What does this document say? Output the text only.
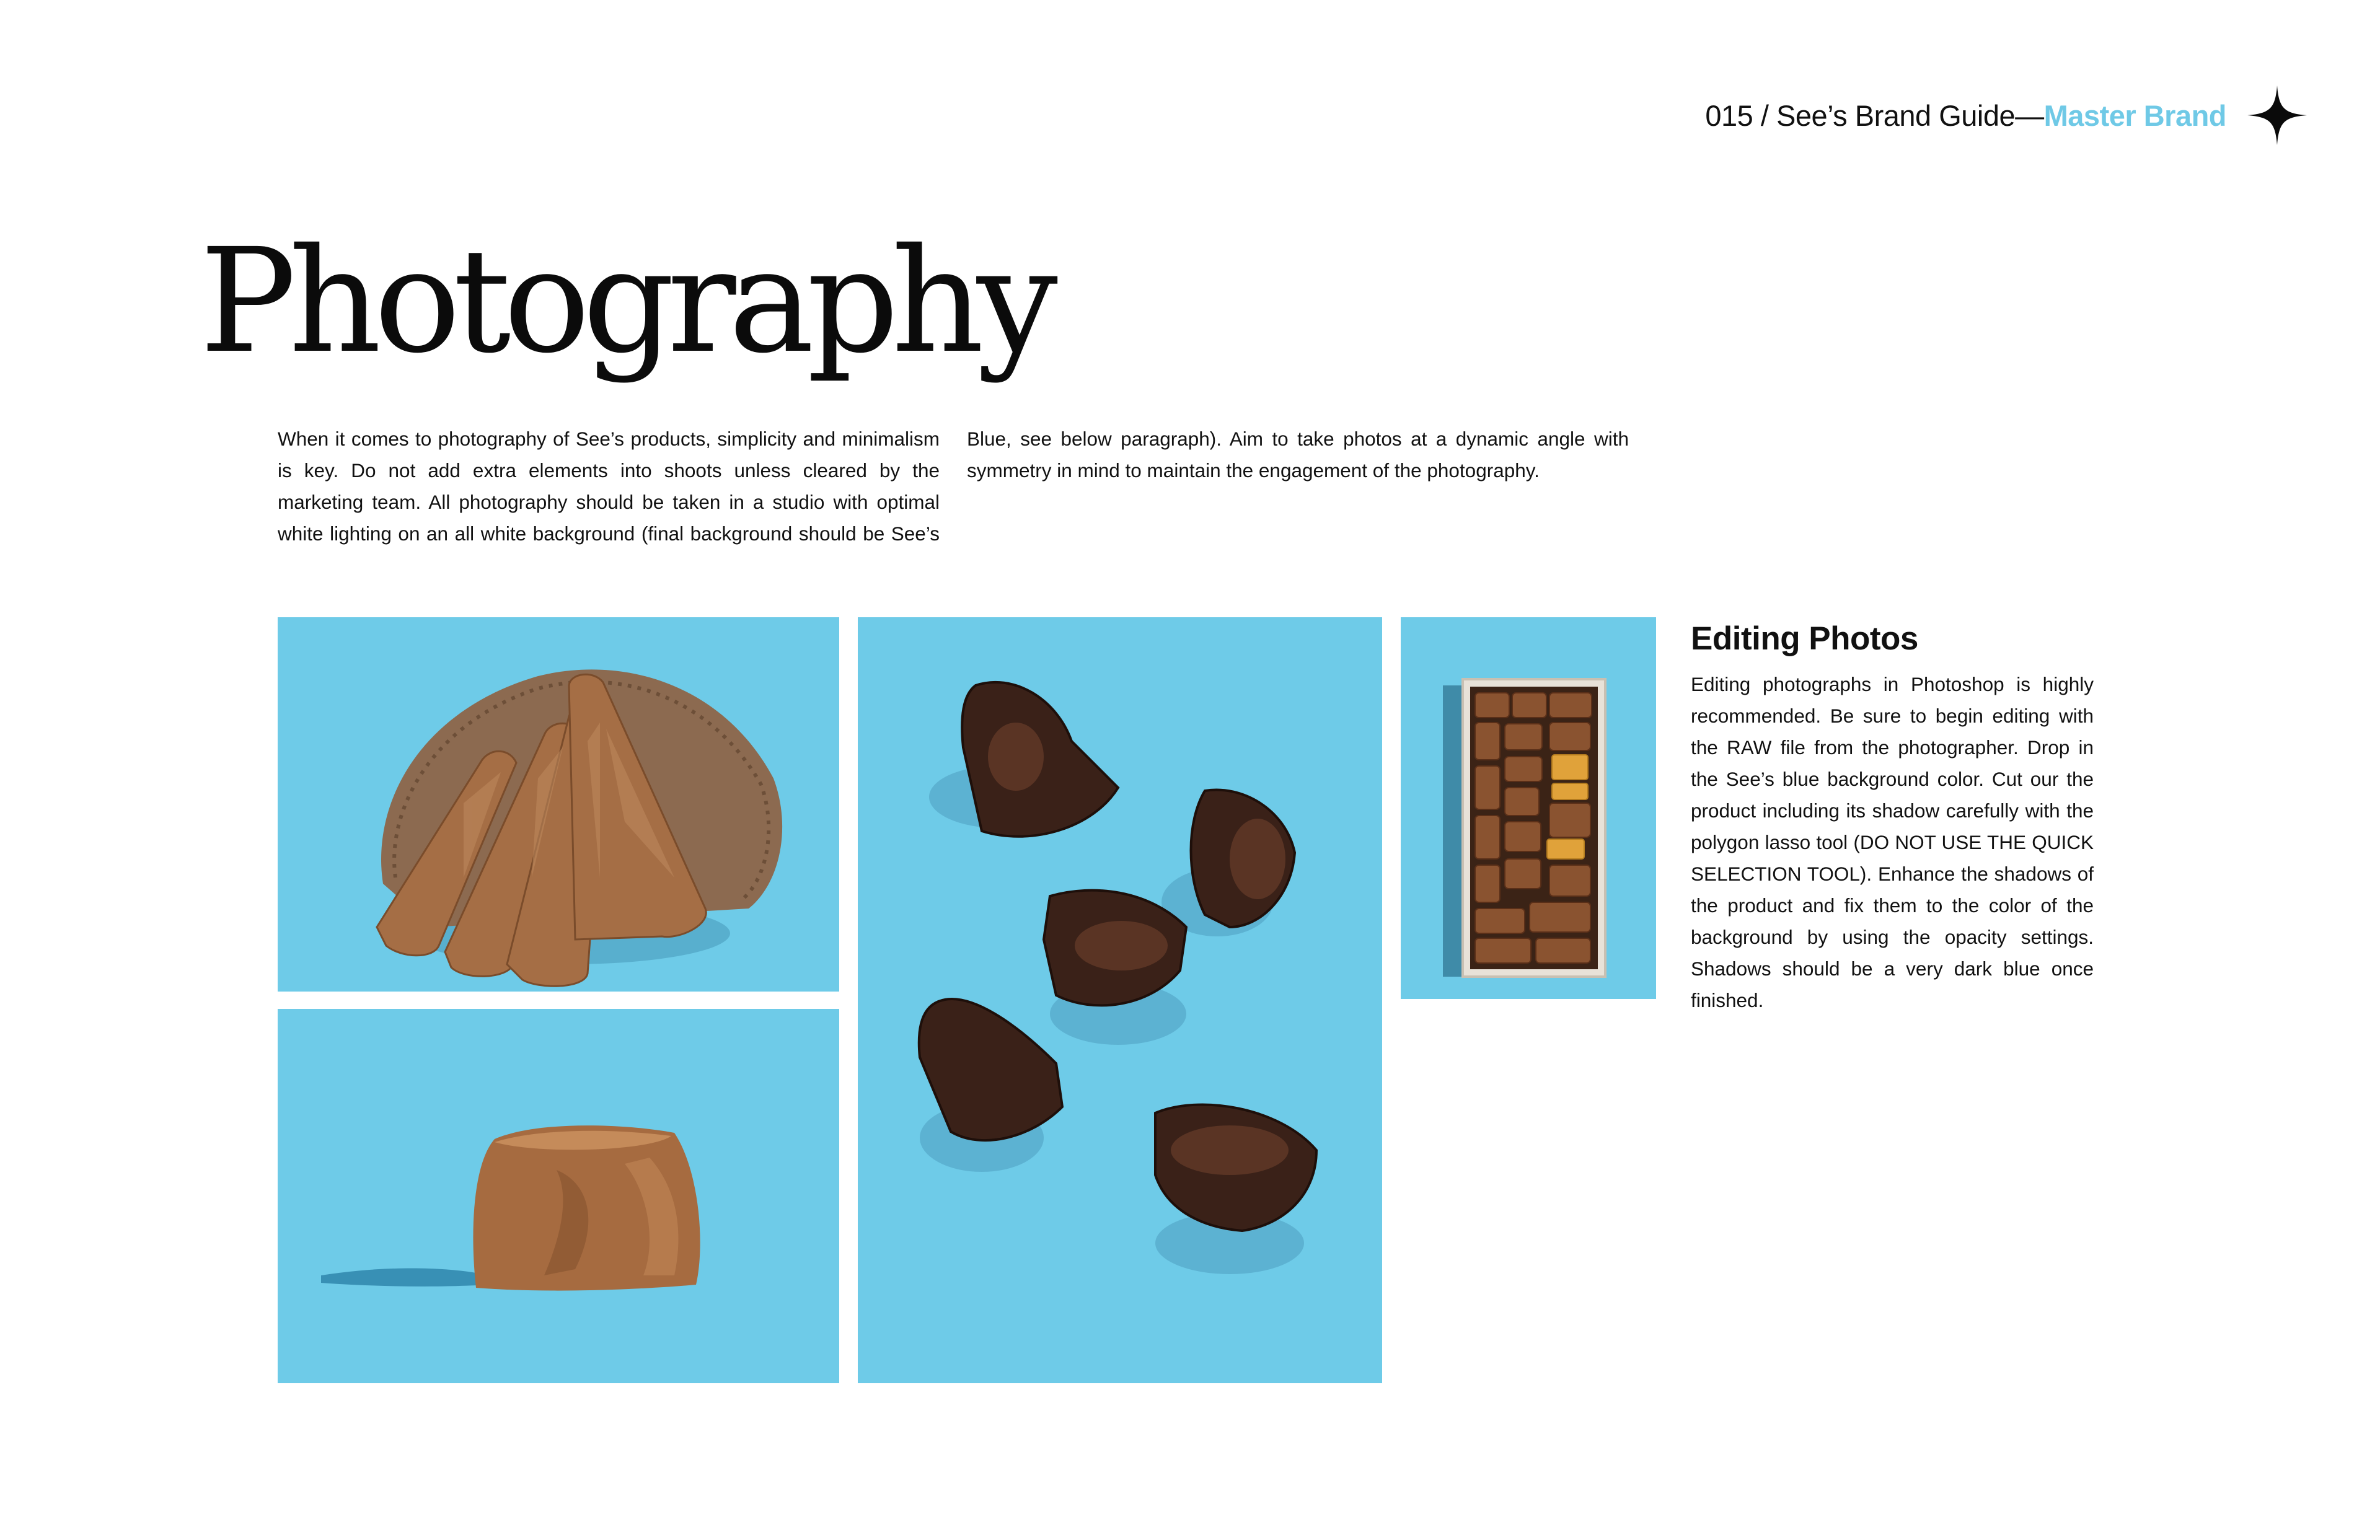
015 / See’s Brand Guide—Master Brand
Photography

When it comes to photography of See’s products, simplicity and minimalism is key. Do not add extra elements into shoots unless cleared by the marketing team. All photography should be taken in a studio with optimal white lighting on an all white background (final background should be See’s Blue, see below paragraph). Aim to take photos at a dynamic angle with symmetry in mind to maintain the engagement of the photography.

Editing Photos

Editing photographs in Photoshop is highly recommended. Be sure to begin editing with the RAW file from the photographer. Drop in the See’s blue background color. Cut our the product including its shadow carefully with the polygon lasso tool (DO NOT USE THE QUICK SELECTION TOOL). Enhance the shadows of the product and fix them to the color of the background by using the opacity settings. Shadows should be a very dark blue once finished.
